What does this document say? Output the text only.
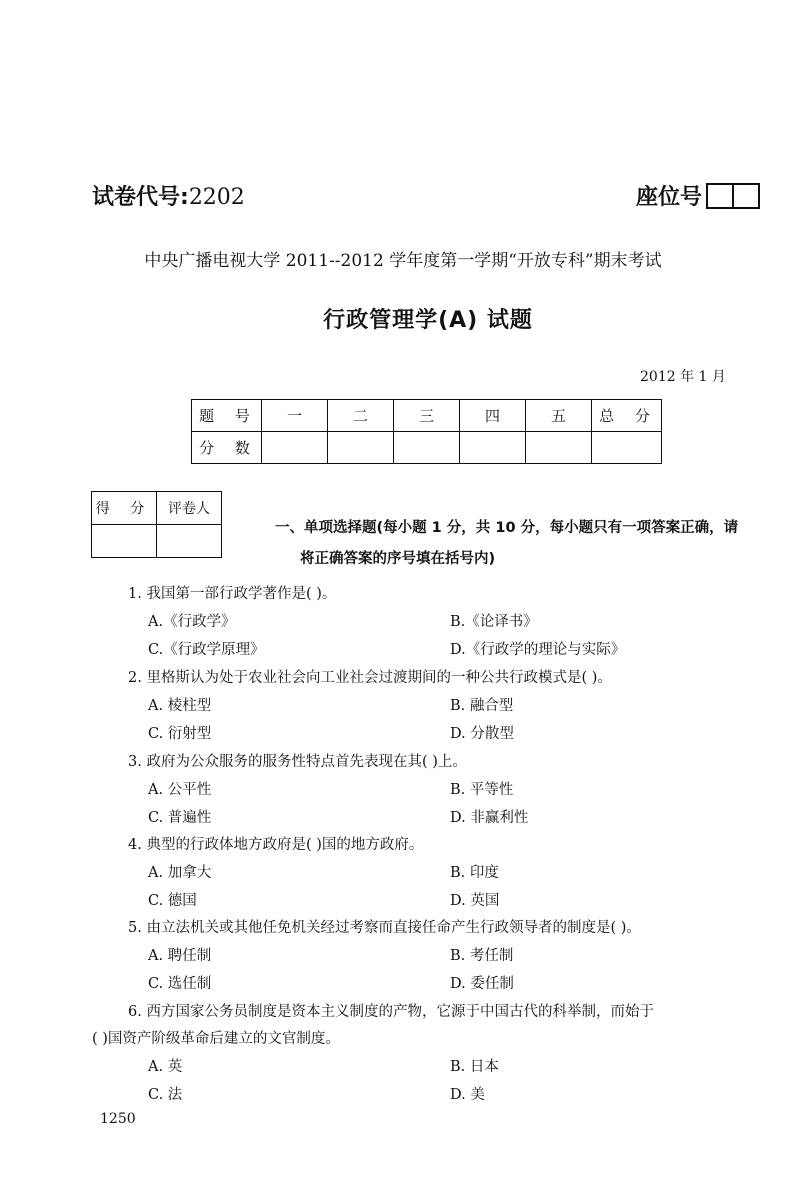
试卷代号:2202	座位号
中央广播电视大学 2011--2012 学年度第一学期“开放专科”期末考试
行政管理学(A) 试题
2012 年 1 月
题 号	一	二	三	四	五	总 分
分 数						
得 分	评卷人

一、单项选择题(每小题 1 分，共 10 分，每小题只有一项答案正确，请
将正确答案的序号填在括号内)
1. 我国第一部行政学著作是( )。
A.《行政学》	B.《论译书》
C.《行政学原理》	D.《行政学的理论与实际》
2. 里格斯认为处于农业社会向工业社会过渡期间的一种公共行政模式是( )。
A. 棱柱型	B. 融合型
C. 衍射型	D. 分散型
3. 政府为公众服务的服务性特点首先表现在其( )上。
A. 公平性	B. 平等性
C. 普遍性	D. 非赢利性
4. 典型的行政体地方政府是( )国的地方政府。
A. 加拿大	B. 印度
C. 德国	D. 英国
5. 由立法机关或其他任免机关经过考察而直接任命产生行政领导者的制度是( )。
A. 聘任制	B. 考任制
C. 选任制	D. 委任制
6. 西方国家公务员制度是资本主义制度的产物，它源于中国古代的科举制，而始于
( )国资产阶级革命后建立的文官制度。
A. 英	B. 日本
C. 法	D. 美
1250
